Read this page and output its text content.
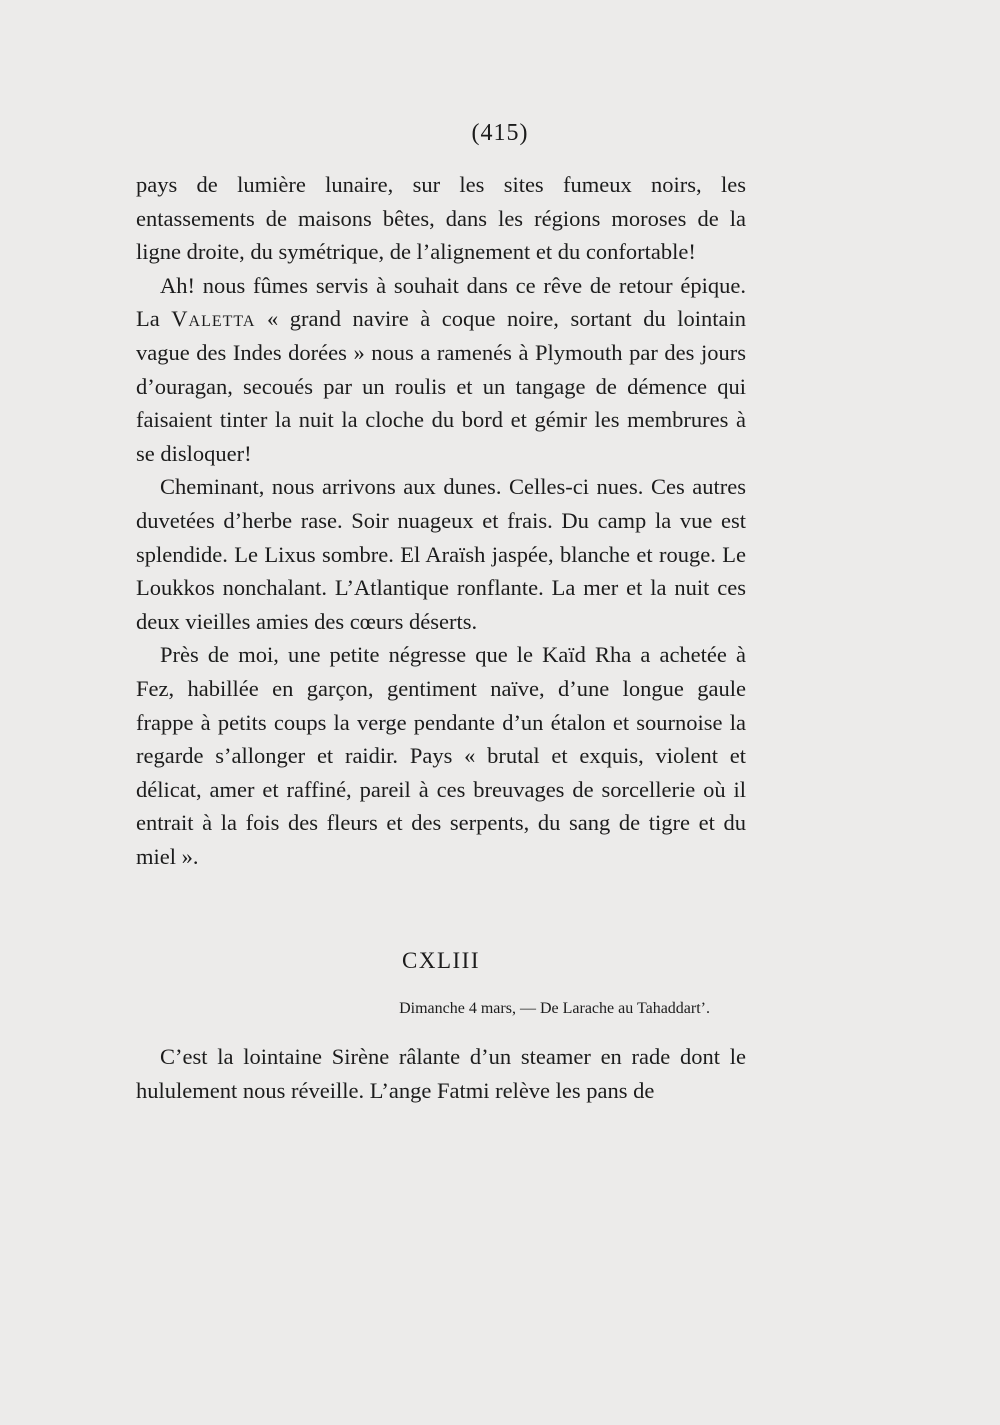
(415)

pays de lumière lunaire, sur les sites fumeux noirs, les entassements de maisons bêtes, dans les régions moroses de la ligne droite, du symétrique, de l’alignement et du confortable!

Ah! nous fûmes servis à souhait dans ce rêve de retour épique. La Valetta « grand navire à coque noire, sortant du lointain vague des Indes dorées » nous a ramenés à Plymouth par des jours d’ouragan, secoués par un roulis et un tangage de démence qui faisaient tinter la nuit la cloche du bord et gémir les membrures à se disloquer!

Cheminant, nous arrivons aux dunes. Celles-ci nues. Ces autres duvetées d’herbe rase. Soir nuageux et frais. Du camp la vue est splendide. Le Lixus sombre. El Araïsh jaspée, blanche et rouge. Le Loukkos nonchalant. L’Atlantique ronflante. La mer et la nuit ces deux vieilles amies des cœurs déserts.

Près de moi, une petite négresse que le Kaïd Rha a achetée à Fez, habillée en garçon, gentiment naïve, d’une longue gaule frappe à petits coups la verge pendante d’un étalon et sournoise la regarde s’allonger et raidir. Pays « brutal et exquis, violent et délicat, amer et raffiné, pareil à ces breuvages de sorcellerie où il entrait à la fois des fleurs et des serpents, du sang de tigre et du miel ».

CXLIII
Dimanche 4 mars, — De Larache au Tahaddart’.

C’est la lointaine Sirène râlante d’un steamer en rade dont le hululement nous réveille. L’ange Fatmi relève les pans de
